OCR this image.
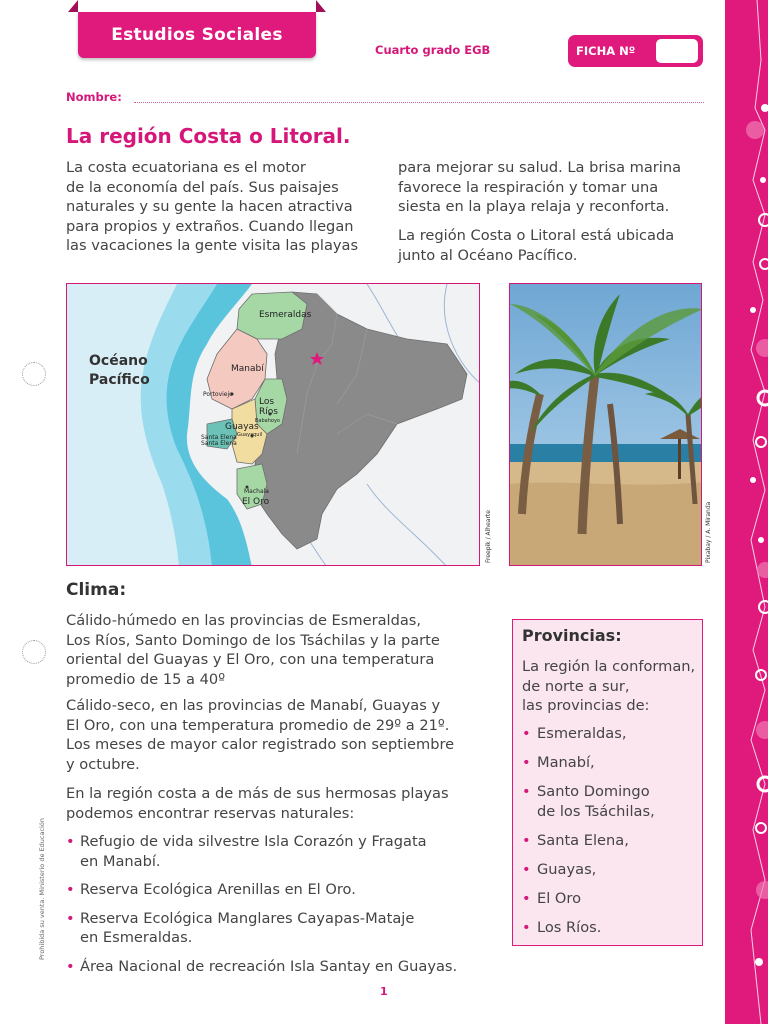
Estudios Sociales
Cuarto grado EGB	FICHA Nº
Nombre:
La región Costa o Litoral.
La costa ecuatoriana es el motor
de la economía del país. Sus paisajes
naturales y su gente la hacen atractiva
para propios y extraños. Cuando llegan
las vacaciones la gente visita las playas
para mejorar su salud. La brisa marina
favorece la respiración y tomar una
siesta en la playa relaja y reconforta.
La región Costa o Litoral está ubicada
junto al Océano Pacífico.
Océano
Pacífico
Esmeraldas
Manabí
Portoviejo
Los
Ríos
Babahoyo
Guayas
Santa Elena
Santa Elena
Guayaquil
Machala
El Oro
Freepik / Alhearte	Pixabay / A. Miranda
Clima:
Cálido-húmedo en las provincias de Esmeraldas,
Los Ríos, Santo Domingo de los Tsáchilas y la parte
oriental del Guayas y El Oro, con una temperatura
promedio de 15 a 40º
Cálido-seco, en las provincias de Manabí, Guayas y
El Oro, con una temperatura promedio de 29º a 21º.
Los meses de mayor calor registrado son septiembre
y octubre.
En la región costa a de más de sus hermosas playas
podemos encontrar reservas naturales:
• Refugio de vida silvestre Isla Corazón y Fragata
en Manabí.
• Reserva Ecológica Arenillas en El Oro.
• Reserva Ecológica Manglares Cayapas-Mataje
en Esmeraldas.
• Área Nacional de recreación Isla Santay en Guayas.
Provincias:
La región la conforman,
de norte a sur,
las provincias de:
• Esmeraldas,
• Manabí,
• Santo Domingo
de los Tsáchilas,
• Santa Elena,
• Guayas,
• El Oro
• Los Ríos.
Prohibida su venta. Ministerio de Educación
1
